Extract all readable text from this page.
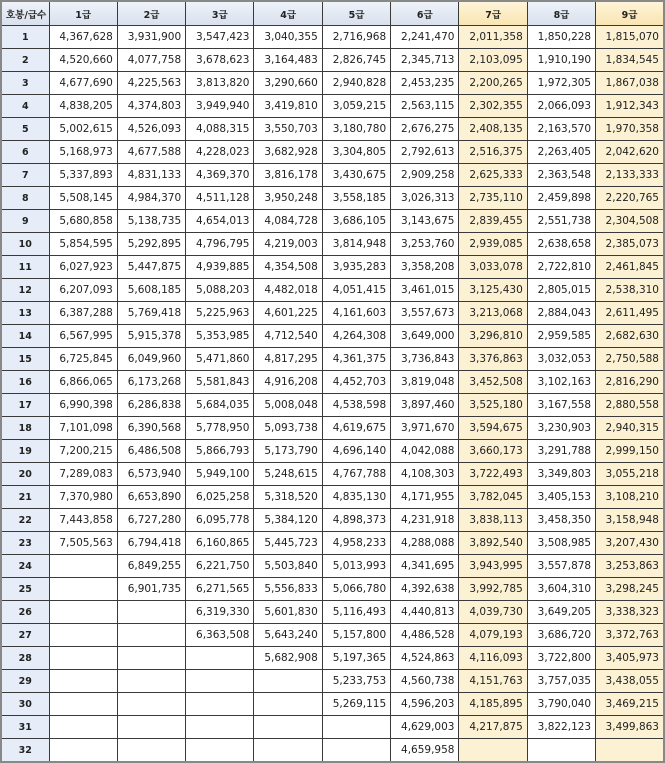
호봉/급수	1급	2급	3급	4급	5급	6급	7급	8급	9급
1	4,367,628	3,931,900	3,547,423	3,040,355	2,716,968	2,241,470	2,011,358	1,850,228	1,815,070
2	4,520,660	4,077,758	3,678,623	3,164,483	2,826,745	2,345,713	2,103,095	1,910,190	1,834,545
3	4,677,690	4,225,563	3,813,820	3,290,660	2,940,828	2,453,235	2,200,265	1,972,305	1,867,038
4	4,838,205	4,374,803	3,949,940	3,419,810	3,059,215	2,563,115	2,302,355	2,066,093	1,912,343
5	5,002,615	4,526,093	4,088,315	3,550,703	3,180,780	2,676,275	2,408,135	2,163,570	1,970,358
6	5,168,973	4,677,588	4,228,023	3,682,928	3,304,805	2,792,613	2,516,375	2,263,405	2,042,620
7	5,337,893	4,831,133	4,369,370	3,816,178	3,430,675	2,909,258	2,625,333	2,363,548	2,133,333
8	5,508,145	4,984,370	4,511,128	3,950,248	3,558,185	3,026,313	2,735,110	2,459,898	2,220,765
9	5,680,858	5,138,735	4,654,013	4,084,728	3,686,105	3,143,675	2,839,455	2,551,738	2,304,508
10	5,854,595	5,292,895	4,796,795	4,219,003	3,814,948	3,253,760	2,939,085	2,638,658	2,385,073
11	6,027,923	5,447,875	4,939,885	4,354,508	3,935,283	3,358,208	3,033,078	2,722,810	2,461,845
12	6,207,093	5,608,185	5,088,203	4,482,018	4,051,415	3,461,015	3,125,430	2,805,015	2,538,310
13	6,387,288	5,769,418	5,225,963	4,601,225	4,161,603	3,557,673	3,213,068	2,884,043	2,611,495
14	6,567,995	5,915,378	5,353,985	4,712,540	4,264,308	3,649,000	3,296,810	2,959,585	2,682,630
15	6,725,845	6,049,960	5,471,860	4,817,295	4,361,375	3,736,843	3,376,863	3,032,053	2,750,588
16	6,866,065	6,173,268	5,581,843	4,916,208	4,452,703	3,819,048	3,452,508	3,102,163	2,816,290
17	6,990,398	6,286,838	5,684,035	5,008,048	4,538,598	3,897,460	3,525,180	3,167,558	2,880,558
18	7,101,098	6,390,568	5,778,950	5,093,738	4,619,675	3,971,670	3,594,675	3,230,903	2,940,315
19	7,200,215	6,486,508	5,866,793	5,173,790	4,696,140	4,042,088	3,660,173	3,291,788	2,999,150
20	7,289,083	6,573,940	5,949,100	5,248,615	4,767,788	4,108,303	3,722,493	3,349,803	3,055,218
21	7,370,980	6,653,890	6,025,258	5,318,520	4,835,130	4,171,955	3,782,045	3,405,153	3,108,210
22	7,443,858	6,727,280	6,095,778	5,384,120	4,898,373	4,231,918	3,838,113	3,458,350	3,158,948
23	7,505,563	6,794,418	6,160,865	5,445,723	4,958,233	4,288,088	3,892,540	3,508,985	3,207,430
24		6,849,255	6,221,750	5,503,840	5,013,993	4,341,695	3,943,995	3,557,878	3,253,863
25		6,901,735	6,271,565	5,556,833	5,066,780	4,392,638	3,992,785	3,604,310	3,298,245
26			6,319,330	5,601,830	5,116,493	4,440,813	4,039,730	3,649,205	3,338,323
27			6,363,508	5,643,240	5,157,800	4,486,528	4,079,193	3,686,720	3,372,763
28				5,682,908	5,197,365	4,524,863	4,116,093	3,722,800	3,405,973
29					5,233,753	4,560,738	4,151,763	3,757,035	3,438,055
30					5,269,115	4,596,203	4,185,895	3,790,040	3,469,215
31						4,629,003	4,217,875	3,822,123	3,499,863
32						4,659,958			
